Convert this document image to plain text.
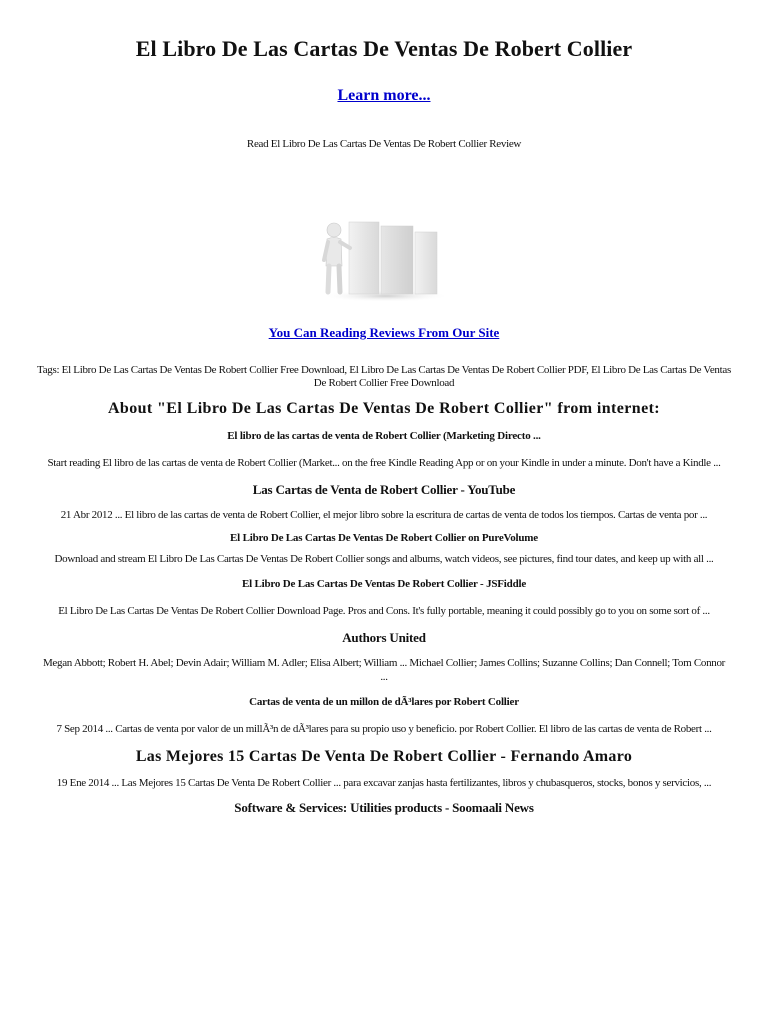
El Libro De Las Cartas De Ventas De Robert Collier
Learn more...
Read El Libro De Las Cartas De Ventas De Robert Collier Review
You Can Reading Reviews From Our Site
Tags: El Libro De Las Cartas De Ventas De Robert Collier Free Download, El Libro De Las Cartas De Ventas De Robert Collier PDF, El Libro De Las Cartas De Ventas De Robert Collier Free Download
About "El Libro De Las Cartas De Ventas De Robert Collier" from internet:
El libro de las cartas de venta de Robert Collier (Marketing Directo ...
Start reading El libro de las cartas de venta de Robert Collier (Market... on the free Kindle Reading App or on your Kindle in under a minute. Don't have a Kindle ...
Las Cartas de Venta de Robert Collier - YouTube
21 Abr 2012 ... El libro de las cartas de venta de Robert Collier, el mejor libro sobre la escritura de cartas de venta de todos los tiempos. Cartas de venta por ...
El Libro De Las Cartas De Ventas De Robert Collier on PureVolume
Download and stream El Libro De Las Cartas De Ventas De Robert Collier songs and albums, watch videos, see pictures, find tour dates, and keep up with all ...
El Libro De Las Cartas De Ventas De Robert Collier - JSFiddle
El Libro De Las Cartas De Ventas De Robert Collier Download Page. Pros and Cons. It's fully portable, meaning it could possibly go to you on some sort of ...
Authors United
Megan Abbott; Robert H. Abel; Devin Adair; William M. Adler; Elisa Albert; William ... Michael Collier; James Collins; Suzanne Collins; Dan Connell; Tom Connor ...
Cartas de venta de un millon de dÃ³lares por Robert Collier
7 Sep 2014 ... Cartas de venta por valor de un millÃ³n de dÃ³lares para su propio uso y beneficio. por Robert Collier. El libro de las cartas de venta de Robert ...
Las Mejores 15 Cartas De Venta De Robert Collier - Fernando Amaro
19 Ene 2014 ... Las Mejores 15 Cartas De Venta De Robert Collier ... para excavar zanjas hasta fertilizantes, libros y chubasqueros, stocks, bonos y servicios, ...
Software & Services: Utilities products - Soomaali News
